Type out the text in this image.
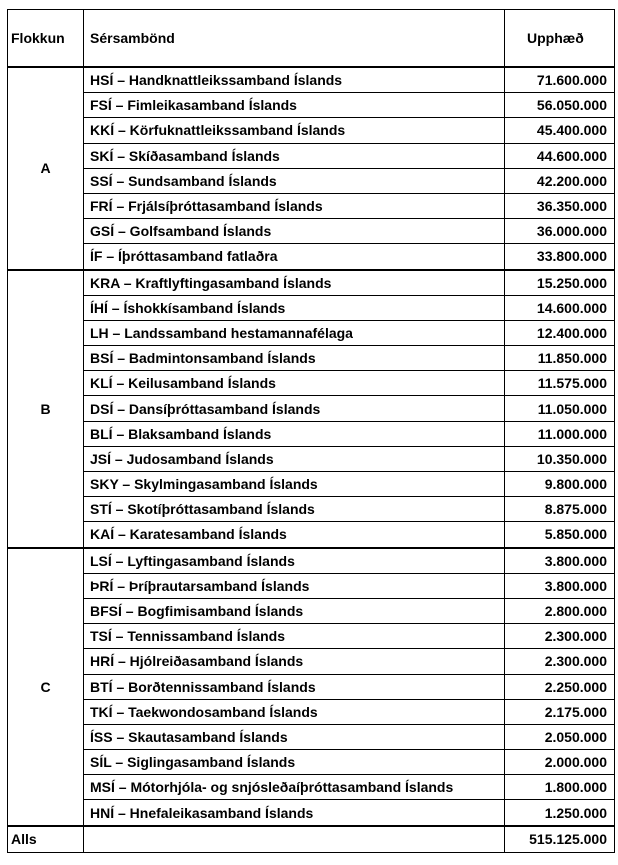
Flokkun	Sérsambönd	Upphæð
A	HSÍ – Handknattleikssamband Íslands	71.600.000
	FSÍ – Fimleikasamband Íslands	56.050.000
	KKÍ – Körfuknattleikssamband Íslands	45.400.000
	SKÍ – Skíðasamband Íslands	44.600.000
	SSÍ – Sundsamband Íslands	42.200.000
	FRÍ – Frjálsíþróttasamband Íslands	36.350.000
	GSÍ – Golfsamband Íslands	36.000.000
	ÍF – Íþróttasamband fatlaðra	33.800.000
B	KRA – Kraftlyftingasamband Íslands	15.250.000
	ÍHÍ – Íshokkísamband Íslands	14.600.000
	LH – Landssamband hestamannafélaga	12.400.000
	BSÍ – Badmintonsamband Íslands	11.850.000
	KLÍ – Keilusamband Íslands	11.575.000
	DSÍ – Dansíþróttasamband Íslands	11.050.000
	BLÍ – Blaksamband Íslands	11.000.000
	JSÍ – Judosamband Íslands	10.350.000
	SKY – Skylmingasamband Íslands	9.800.000
	STÍ – Skotíþróttasamband Íslands	8.875.000
	KAÍ – Karatesamband Íslands	5.850.000
C	LSÍ – Lyftingasamband Íslands	3.800.000
	ÞRÍ – Þríþrautarsamband Íslands	3.800.000
	BFSÍ – Bogfimisamband Íslands	2.800.000
	TSÍ – Tennissamband Íslands	2.300.000
	HRÍ – Hjólreiðasamband Íslands	2.300.000
	BTÍ – Borðtennissamband Íslands	2.250.000
	TKÍ – Taekwondosamband Íslands	2.175.000
	ÍSS – Skautasamband Íslands	2.050.000
	SÍL – Siglingasamband Íslands	2.000.000
	MSÍ – Mótorhjóla- og snjósleðaíþróttasamband Íslands	1.800.000
	HNÍ – Hnefaleikasamband Íslands	1.250.000
Alls		515.125.000
